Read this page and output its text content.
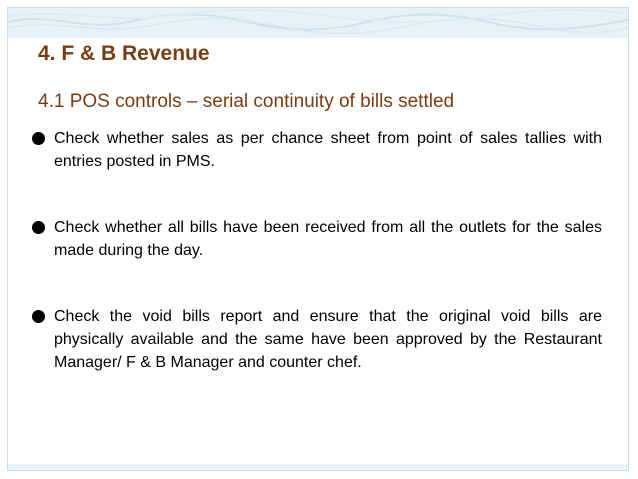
4. F & B Revenue
4.1 POS controls – serial continuity of bills settled
Check whether sales as per chance sheet from point of sales tallies with entries posted in PMS.
Check whether all bills have been received from all the outlets for the sales made during the day.
Check the void bills report and ensure that the original void bills are physically available and the same have been approved by the Restaurant Manager/ F & B Manager and counter chef.
